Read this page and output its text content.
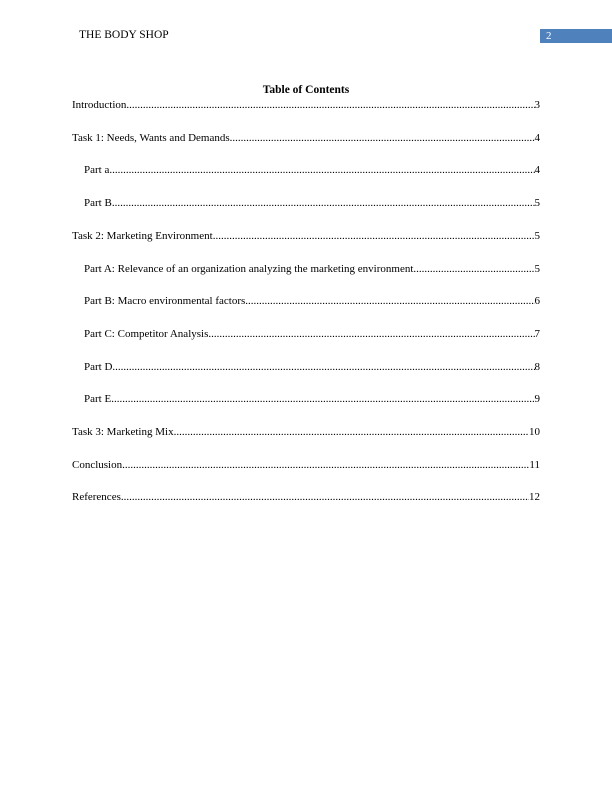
THE BODY SHOP	2
Table of Contents
Introduction .....	3
Task 1: Needs, Wants and Demands .....	4
Part a .....	4
Part B .....	5
Task 2: Marketing Environment .....	5
Part A: Relevance of an organization analyzing the marketing environment .....	5
Part B: Macro environmental factors .....	6
Part C: Competitor Analysis .....	7
Part D .....	8
Part E .....	9
Task 3: Marketing Mix .....	10
Conclusion .....	11
References .....	12
